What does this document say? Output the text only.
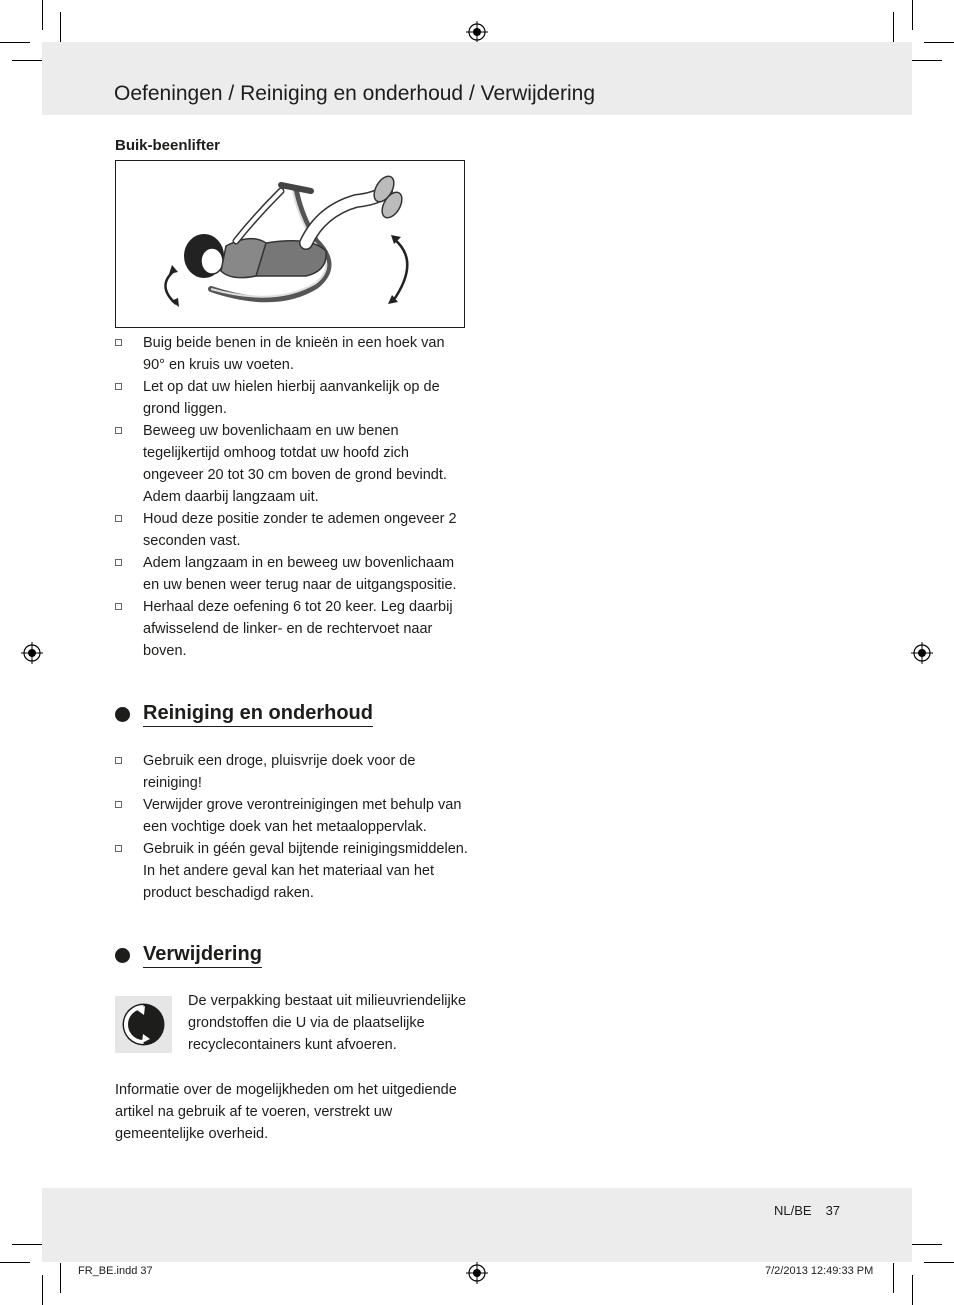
Oefeningen / Reiniging en onderhoud / Verwijdering
Buik-beenlifter
Buig beide benen in de knieën in een hoek van 90° en kruis uw voeten.
Let op dat uw hielen hierbij aanvankelijk op de grond liggen.
Beweeg uw bovenlichaam en uw benen tegelijkertijd omhoog totdat uw hoofd zich ongeveer 20 tot 30 cm boven de grond bevindt. Adem daarbij langzaam uit.
Houd deze positie zonder te ademen ongeveer 2 seconden vast.
Adem langzaam in en beweeg uw bovenlichaam en uw benen weer terug naar de uitgangspositie.
Herhaal deze oefening 6 tot 20 keer. Leg daarbij afwisselend de linker- en de rechtervoet naar boven.
Reiniging en onderhoud
Gebruik een droge, pluisvrije doek voor de reiniging!
Verwijder grove verontreinigingen met behulp van een vochtige doek van het metaaloppervlak.
Gebruik in géén geval bijtende reinigingsmiddelen. In het andere geval kan het materiaal van het product beschadigd raken.
Verwijdering
De verpakking bestaat uit milieuvriendelijke grondstoffen die U via de plaatselijke recyclecontainers kunt afvoeren.
Informatie over de mogelijkheden om het uitgediende artikel na gebruik af te voeren, verstrekt uw gemeentelijke overheid.
NL/BE 37
FR_BE.indd 37	7/2/2013 12:49:33 PM
